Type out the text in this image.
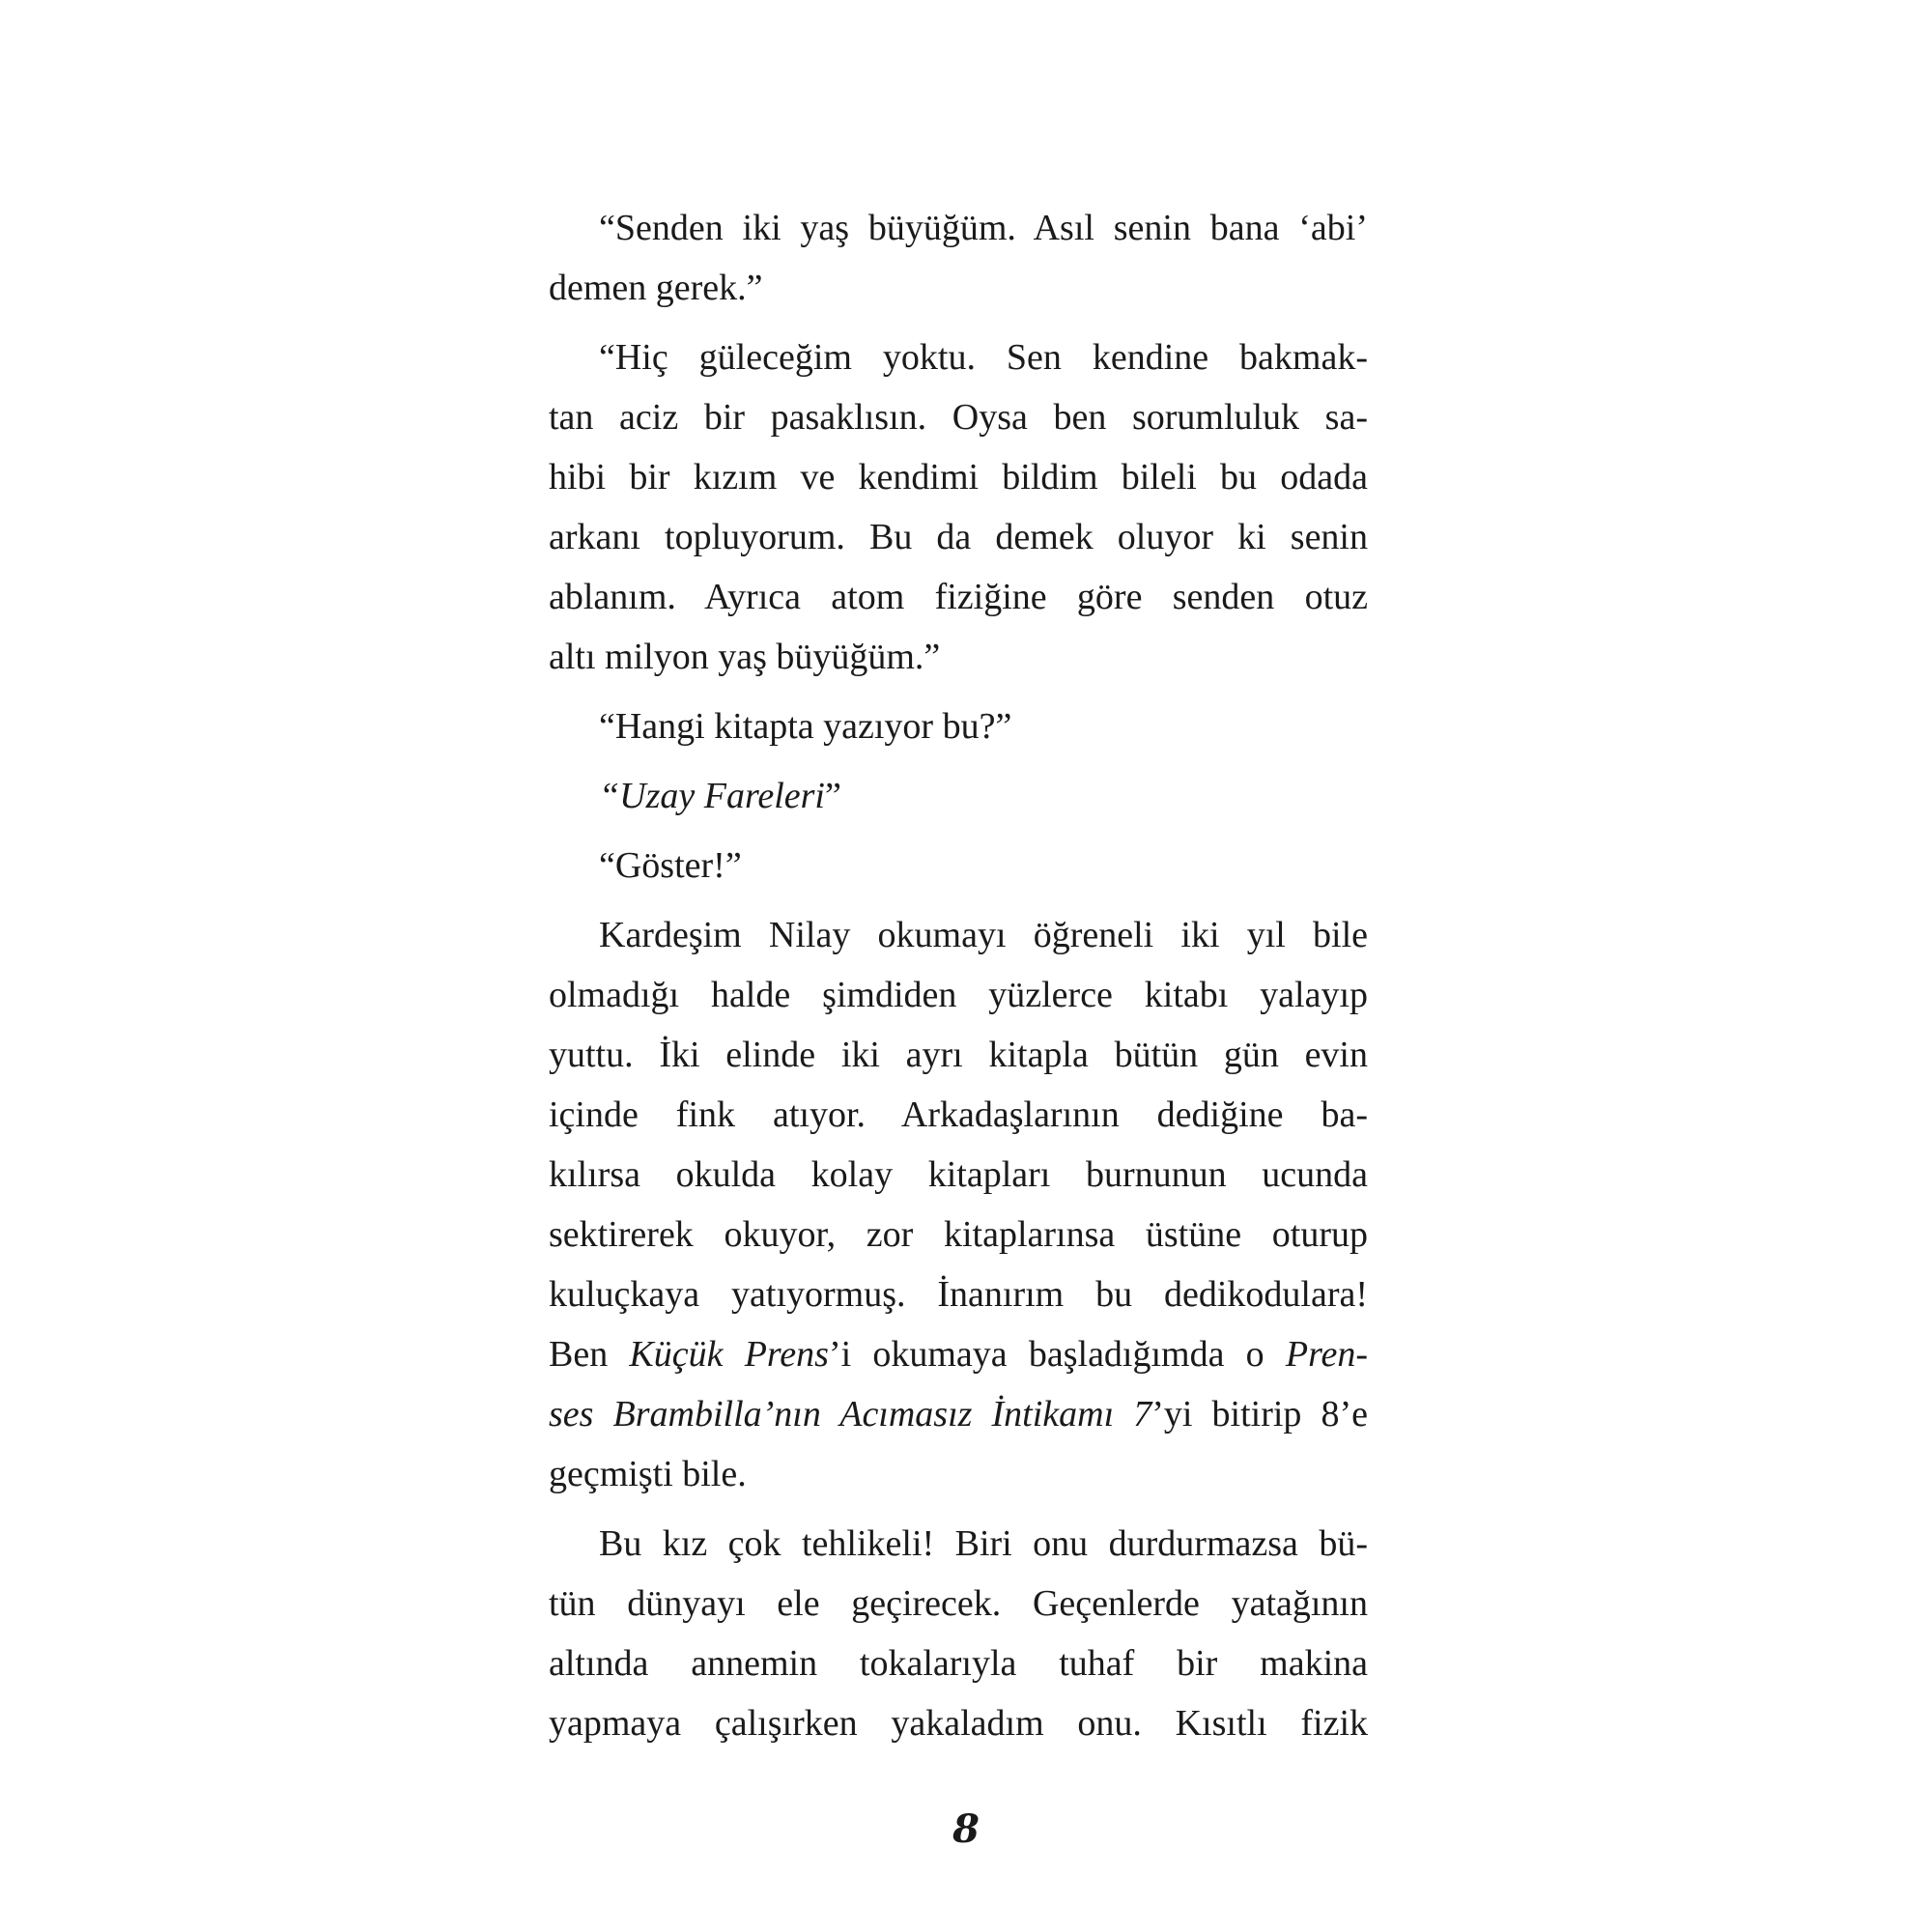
“Senden iki yaş büyüğüm. Asıl senin bana ‘abi’
demen gerek.”

“Hiç güleceğim yoktu. Sen kendine bakmak-
tan aciz bir pasaklısın. Oysa ben sorumluluk sa-
hibi bir kızım ve kendimi bildim bileli bu odada
arkanı topluyorum. Bu da demek oluyor ki senin
ablanım. Ayrıca atom fiziğine göre senden otuz
altı milyon yaş büyüğüm.”

“Hangi kitapta yazıyor bu?”

“Uzay Fareleri”

“Göster!”

Kardeşim Nilay okumayı öğreneli iki yıl bile
olmadığı halde şimdiden yüzlerce kitabı yalayıp
yuttu. İki elinde iki ayrı kitapla bütün gün evin
içinde fink atıyor. Arkadaşlarının dediğine ba-
kılırsa okulda kolay kitapları burnunun ucunda
sektirerek okuyor, zor kitaplarınsa üstüne oturup
kuluçkaya yatıyormuş. İnanırım bu dedikodulara!
Ben Küçük Prens’i okumaya başladığımda o Pren-
ses Brambilla’nın Acımasız İntikamı 7’yi bitirip 8’e
geçmişti bile.

Bu kız çok tehlikeli! Biri onu durdurmazsa bü-
tün dünyayı ele geçirecek. Geçenlerde yatağının
altında annemin tokalarıyla tuhaf bir makina
yapmaya çalışırken yakaladım onu. Kısıtlı fizik

8
